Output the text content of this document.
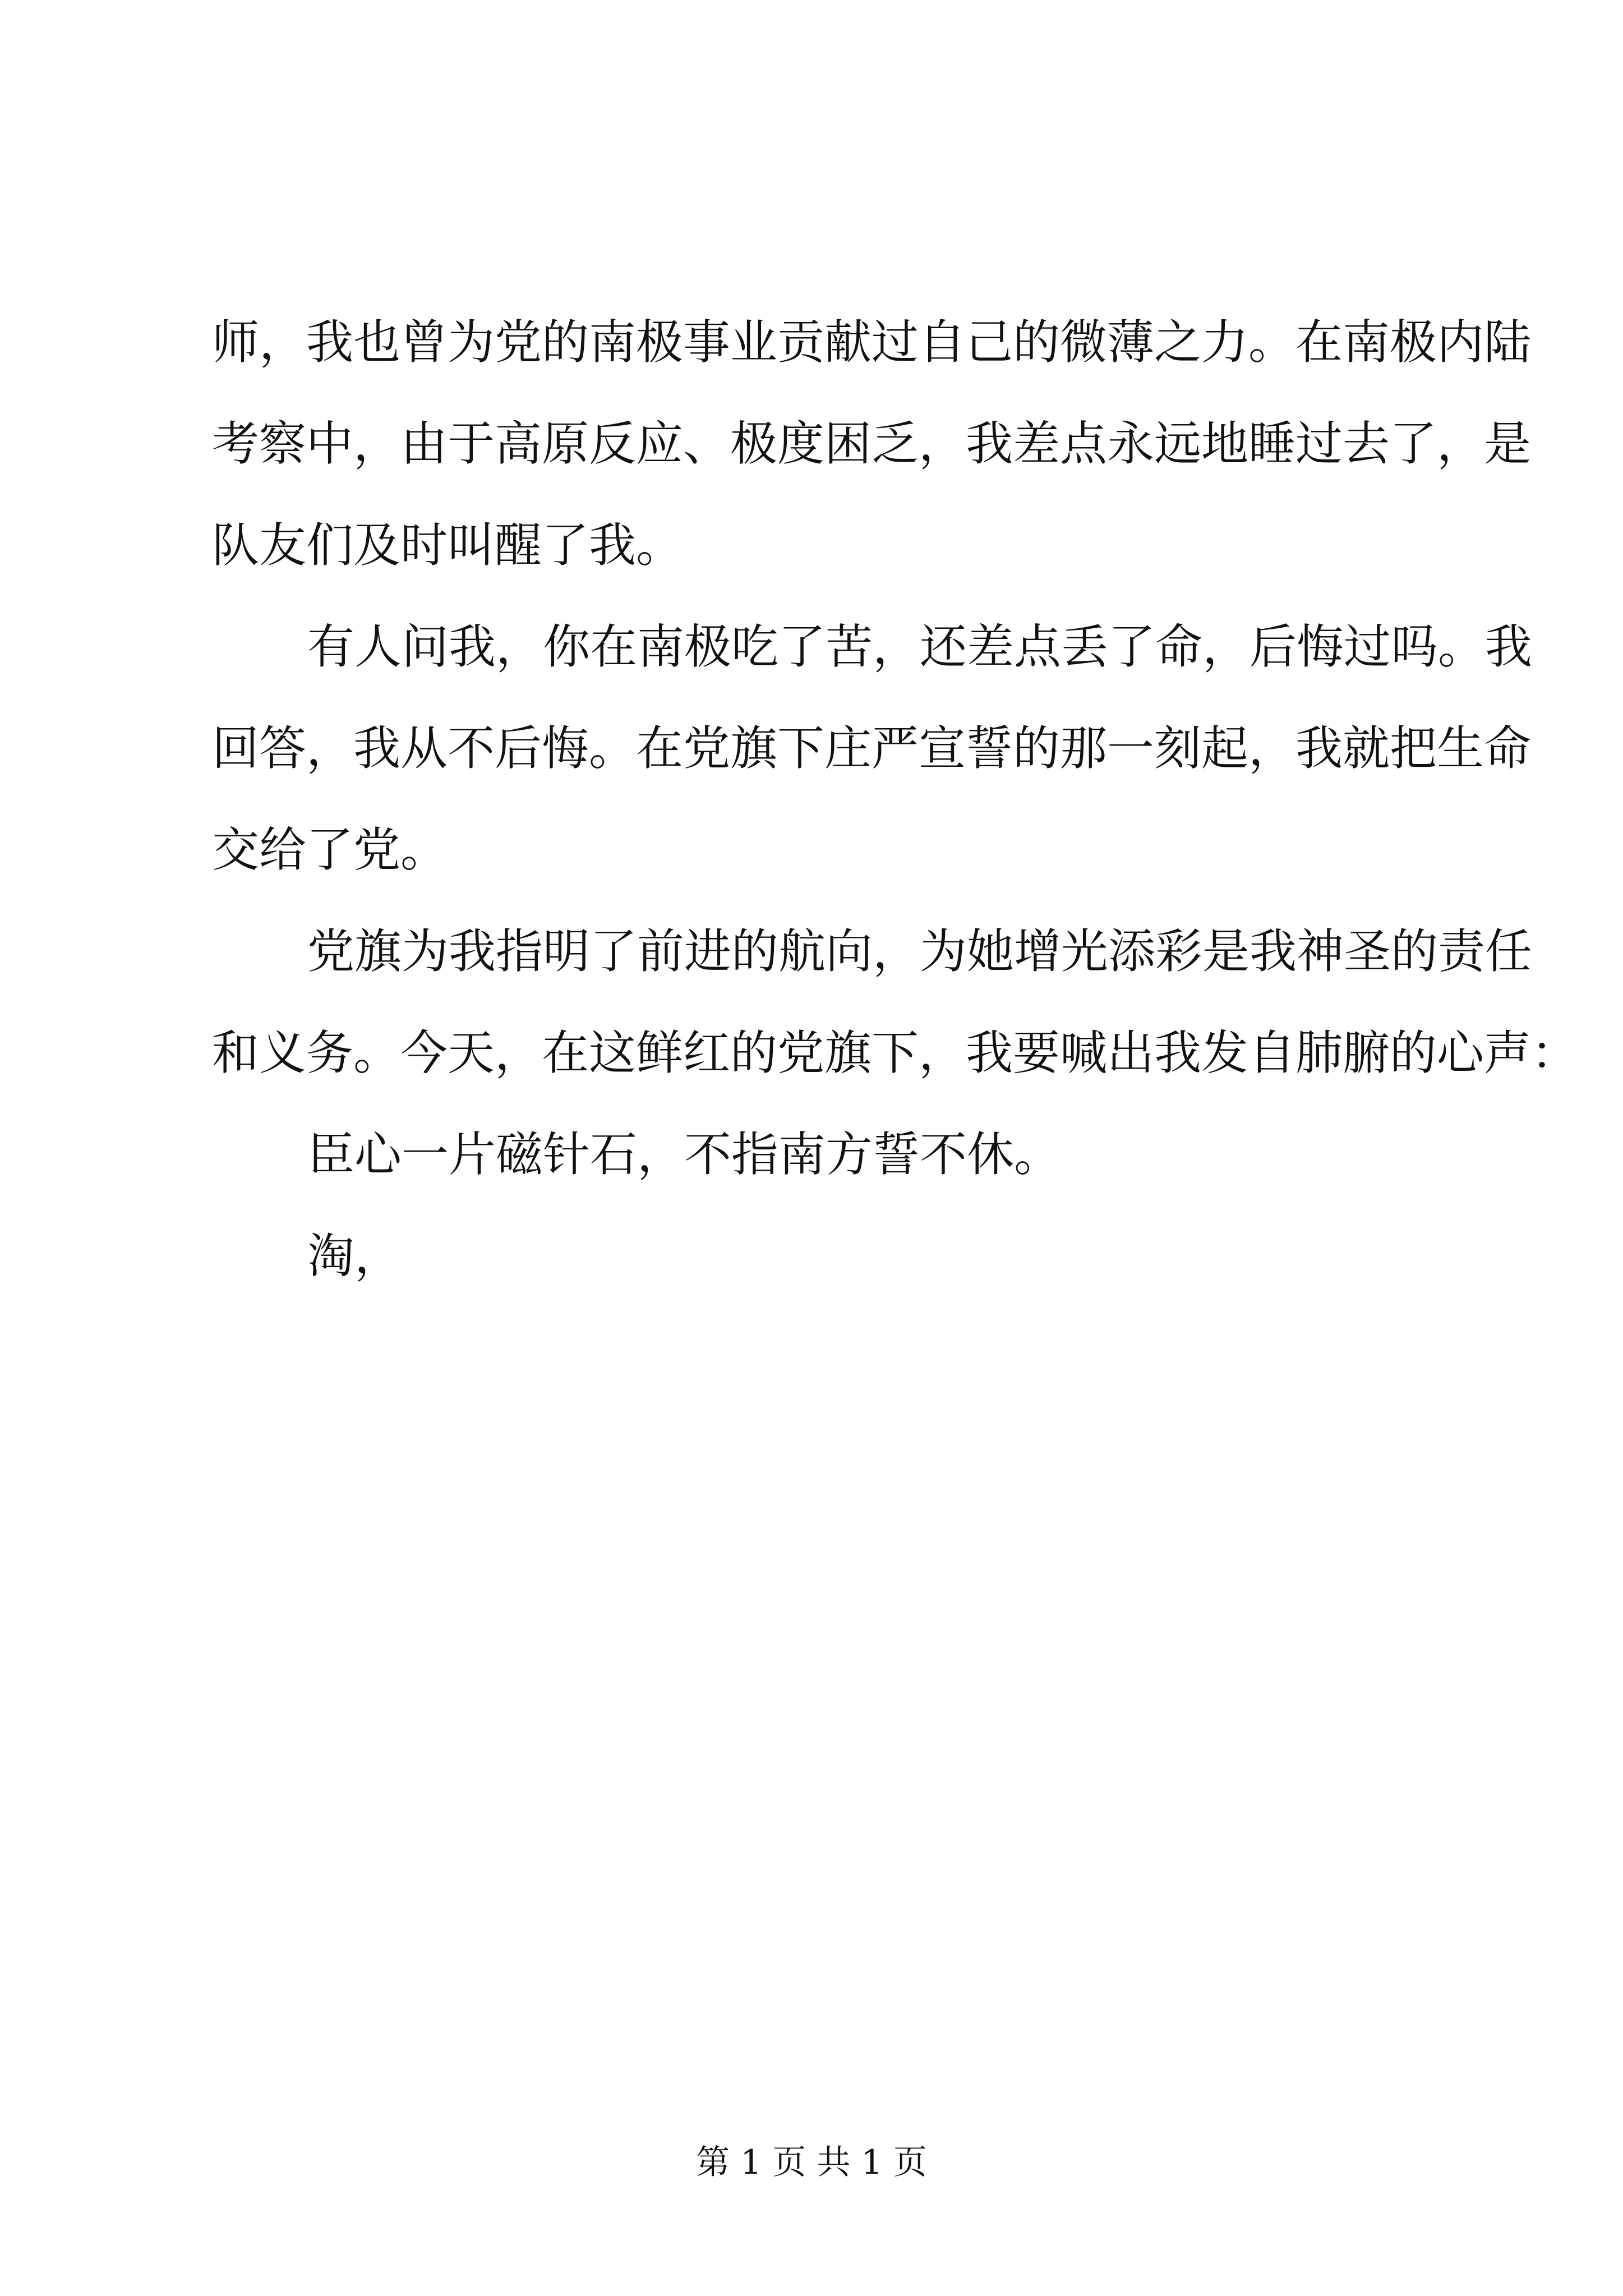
师，我也曾为党的南极事业贡献过自己的微薄之力。在南极内陆
考察中，由于高原反应、极度困乏，我差点永远地睡过去了，是
队友们及时叫醒了我。
有人问我，你在南极吃了苦，还差点丢了命，后悔过吗。我
回答，我从不后悔。在党旗下庄严宣誓的那一刻起，我就把生命
交给了党。
党旗为我指明了前进的航向，为她增光添彩是我神圣的责任
和义务。今天，在这鲜红的党旗下，我要喊出我发自肺腑的心声：
臣心一片磁针石，不指南方誓不休。
淘，
第 1 页 共 1 页
